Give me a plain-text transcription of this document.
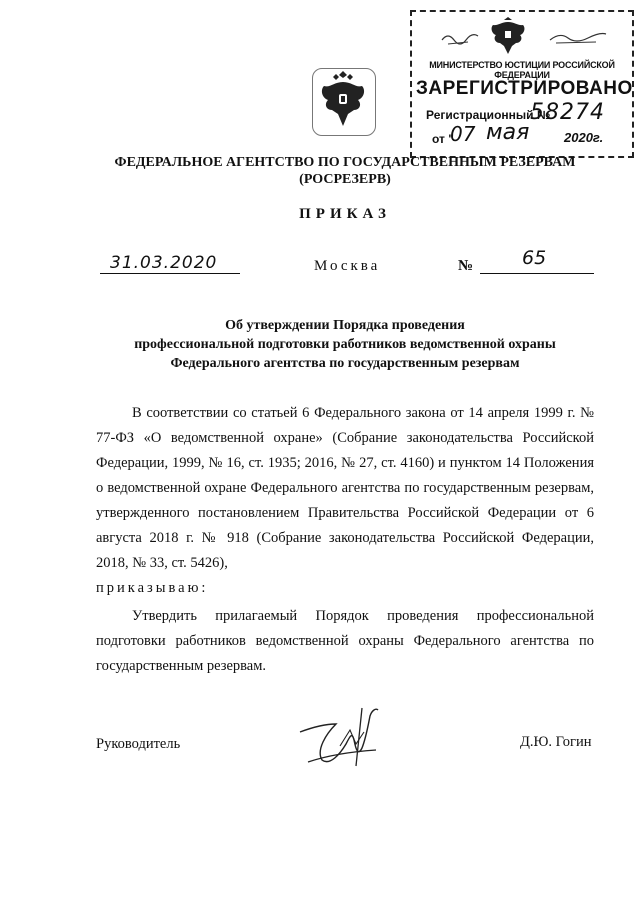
МИНИСТЕРСТВО ЮСТИЦИИ РОССИЙСКОЙ ФЕДЕРАЦИИ
ЗАРЕГИСТРИРОВАНО
Регистрационный №
58274
от "
07 мая	2020г.
ФЕДЕРАЛЬНОЕ АГЕНТСТВО ПО ГОСУДАРСТВЕННЫМ РЕЗЕРВАМ
(РОСРЕЗЕРВ)
ПРИКАЗ
31.03.2020	Москва	№	65
Об утверждении Порядка проведения
профессиональной подготовки работников ведомственной охраны
Федерального агентства по государственным резервам
В соответствии со статьей 6 Федерального закона от 14 апреля 1999 г. № 77-ФЗ «О ведомственной охране» (Собрание законодательства Российской Федерации, 1999, № 16, ст. 1935; 2016, № 27, ст. 4160) и пунктом 14 Положения о ведомственной охране Федерального агентства по государственным резервам, утвержденного постановлением Правительства Российской Федерации от 6 августа 2018 г. № 918 (Собрание законодательства Российской Федерации, 2018, № 33, ст. 5426),
приказываю:
Утвердить прилагаемый Порядок проведения профессиональной подготовки работников ведомственной охраны Федерального агентства по государственным резервам.
Руководитель	Д.Ю. Гогин
